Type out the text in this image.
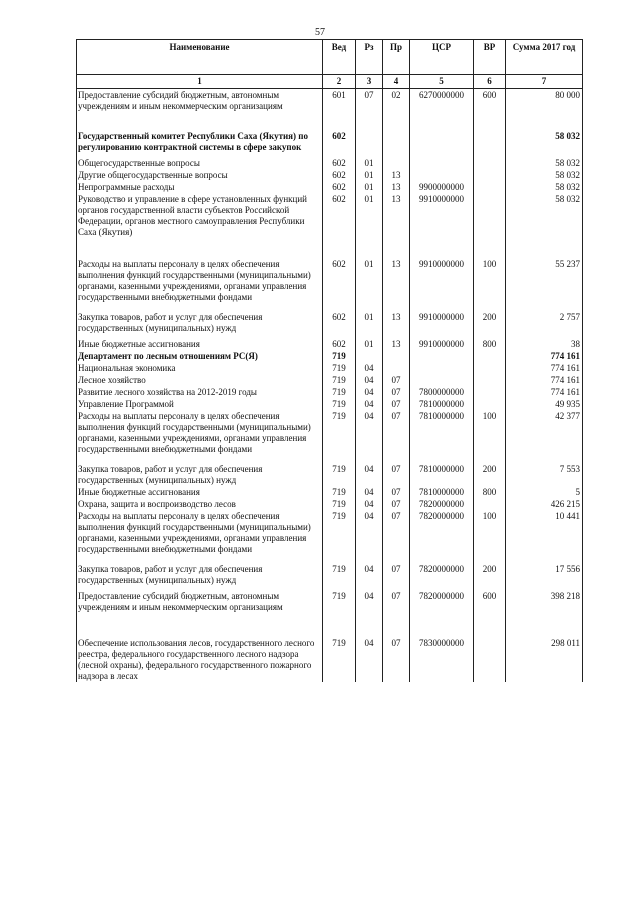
57
Наименование	Вед	Рз	Пр	ЦСР	ВР	Сумма 2017 год
1	2	3	4	5	6	7
Предоставление субсидий бюджетным, автономным учреждениям и иным некоммерческим организациям	601	07	02	6270000000	600	80 000
Государственный комитет Республики Саха (Якутия) по регулированию контрактной системы в сфере закупок	602					58 032
Общегосударственные вопросы	602	01				58 032
Другие общегосударственные вопросы	602	01	13			58 032
Непрограммные расходы	602	01	13	9900000000		58 032
Руководство и управление в сфере установленных функций органов государственной власти субъектов Российской Федерации, органов местного самоуправления Республики Саха (Якутия)	602	01	13	9910000000		58 032
Расходы на выплаты персоналу в целях обеспечения выполнения функций государственными (муниципальными) органами, казенными учреждениями, органами управления государственными внебюджетными фондами	602	01	13	9910000000	100	55 237
Закупка товаров, работ и услуг для обеспечения государственных (муниципальных) нужд	602	01	13	9910000000	200	2 757
Иные бюджетные ассигнования	602	01	13	9910000000	800	38
Департамент по лесным отношениям РС(Я)	719					774 161
Национальная экономика	719	04				774 161
Лесное хозяйство	719	04	07			774 161
Развитие лесного хозяйства на 2012-2019 годы	719	04	07	7800000000		774 161
Управление Программой	719	04	07	7810000000		49 935
Расходы на выплаты персоналу в целях обеспечения выполнения функций государственными (муниципальными) органами, казенными учреждениями, органами управления государственными внебюджетными фондами	719	04	07	7810000000	100	42 377
Закупка товаров, работ и услуг для обеспечения государственных (муниципальных) нужд	719	04	07	7810000000	200	7 553
Иные бюджетные ассигнования	719	04	07	7810000000	800	5
Охрана, защита и воспроизводство лесов	719	04	07	7820000000		426 215
Расходы на выплаты персоналу в целях обеспечения выполнения функций государственными (муниципальными) органами, казенными учреждениями, органами управления государственными внебюджетными фондами	719	04	07	7820000000	100	10 441
Закупка товаров, работ и услуг для обеспечения государственных (муниципальных) нужд	719	04	07	7820000000	200	17 556
Предоставление субсидий бюджетным, автономным учреждениям и иным некоммерческим организациям	719	04	07	7820000000	600	398 218
Обеспечение использования лесов, государственного лесного реестра, федерального государственного лесного надзора (лесной охраны), федерального государственного пожарного надзора в лесах	719	04	07	7830000000		298 011
